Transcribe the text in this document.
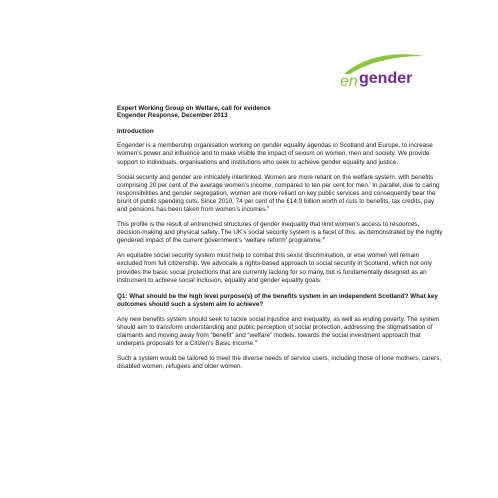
en gender
Expert Working Group on Welfare, call for evidence
Engender Response, December 2013
Introduction

Engender is a membership organisation working on gender equality agendas in Scotland and Europe, to increase women’s power and influence and to make visible the impact of sexism on women, men and society. We provide support to individuals, organisations and institutions who seek to achieve gender equality and justice.

Social security and gender are intricately interlinked. Women are more reliant on the welfare system, with benefits comprising 20 per cent of the average women’s income, compared to ten per cent for men.$^i$ In parallel, due to caring responsibilities and gender segregation, women are more reliant on key public services and consequently bear the brunt of public spending cuts. Since 2010, 74 per cent of the £14.9 billion worth of cuts to benefits, tax credits, pay and pensions has been taken from women’s incomes.$^{ii}$

This profile is the result of entrenched structures of gender inequality that limit women’s access to resources, decision-making and physical safety. The UK’s social security system is a facet of this, as demonstrated by the highly gendered impact of the current government’s ‘welfare reform’ programme.$^{iii}$

An equitable social security system must help to combat this sexist discrimination, or else women will remain excluded from full citizenship. We advocate a rights-based approach to social security in Scotland, which not only provides the basic social protections that are currently lacking for so many, but is fundamentally designed as an instrument to achieve social inclusion, equality and gender equality goals.

Q1: What should be the high level purpose(s) of the benefits system in an independent Scotland? What key outcomes should such a system aim to achieve?

Any new benefits system should seek to tackle social injustice and inequality, as well as ending poverty. The system should aim to transform understanding and public perception of social protection, addressing the stigmatisation of claimants and moving away from “benefit” and “welfare” models, towards the social investment approach that underpins proposals for a Citizen’s Basic Income.$^{iv}$

Such a system would be tailored to meet the diverse needs of service users, including those of lone mothers, carers, disabled women, refugees and older women.
